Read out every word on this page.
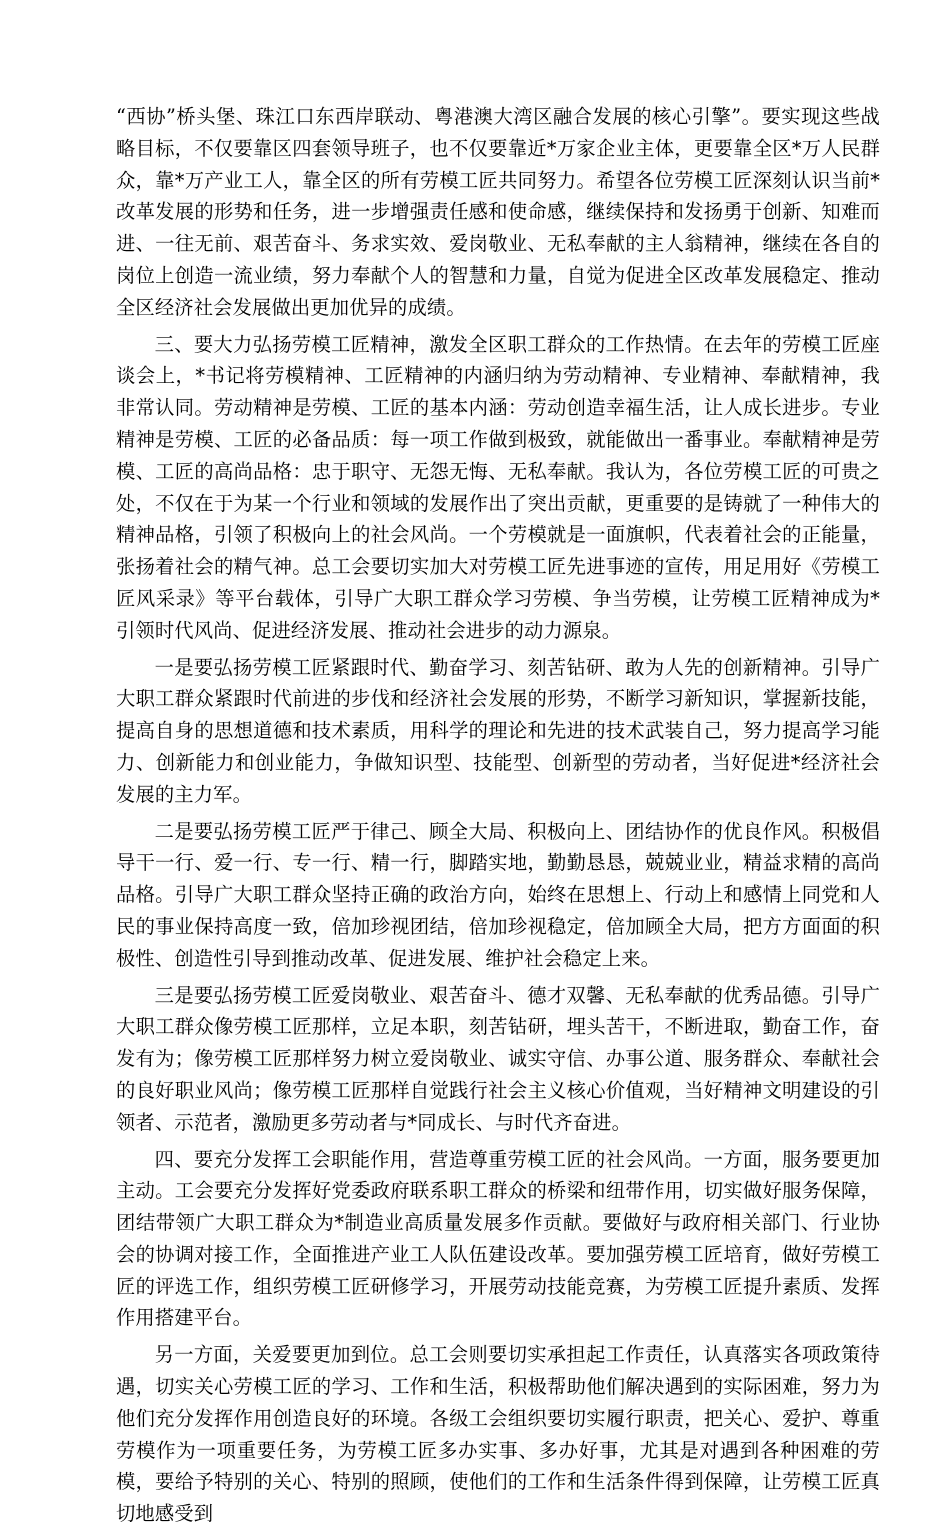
“西协”桥头堡、珠江口东西岸联动、粤港澳大湾区融合发展的核心引擎”。要实现这些战略目标，不仅要靠区四套领导班子，也不仅要靠近*万家企业主体，更要靠全区*万人民群众，靠*万产业工人，靠全区的所有劳模工匠共同努力。希望各位劳模工匠深刻认识当前*改革发展的形势和任务，进一步增强责任感和使命感，继续保持和发扬勇于创新、知难而进、一往无前、艰苦奋斗、务求实效、爱岗敬业、无私奉献的主人翁精神，继续在各自的岗位上创造一流业绩，努力奉献个人的智慧和力量，自觉为促进全区改革发展稳定、推动全区经济社会发展做出更加优异的成绩。

三、要大力弘扬劳模工匠精神，激发全区职工群众的工作热情。在去年的劳模工匠座谈会上，*书记将劳模精神、工匠精神的内涵归纳为劳动精神、专业精神、奉献精神，我非常认同。劳动精神是劳模、工匠的基本内涵：劳动创造幸福生活，让人成长进步。专业精神是劳模、工匠的必备品质：每一项工作做到极致，就能做出一番事业。奉献精神是劳模、工匠的高尚品格：忠于职守、无怨无悔、无私奉献。我认为，各位劳模工匠的可贵之处，不仅在于为某一个行业和领域的发展作出了突出贡献，更重要的是铸就了一种伟大的精神品格，引领了积极向上的社会风尚。一个劳模就是一面旗帜，代表着社会的正能量，张扬着社会的精气神。总工会要切实加大对劳模工匠先进事迹的宣传，用足用好《劳模工匠风采录》等平台载体，引导广大职工群众学习劳模、争当劳模，让劳模工匠精神成为*引领时代风尚、促进经济发展、推动社会进步的动力源泉。

一是要弘扬劳模工匠紧跟时代、勤奋学习、刻苦钻研、敢为人先的创新精神。引导广大职工群众紧跟时代前进的步伐和经济社会发展的形势，不断学习新知识，掌握新技能，提高自身的思想道德和技术素质，用科学的理论和先进的技术武装自己，努力提高学习能力、创新能力和创业能力，争做知识型、技能型、创新型的劳动者，当好促进*经济社会发展的主力军。

二是要弘扬劳模工匠严于律己、顾全大局、积极向上、团结协作的优良作风。积极倡导干一行、爱一行、专一行、精一行，脚踏实地，勤勤恳恳，兢兢业业，精益求精的高尚品格。引导广大职工群众坚持正确的政治方向，始终在思想上、行动上和感情上同党和人民的事业保持高度一致，倍加珍视团结，倍加珍视稳定，倍加顾全大局，把方方面面的积极性、创造性引导到推动改革、促进发展、维护社会稳定上来。

三是要弘扬劳模工匠爱岗敬业、艰苦奋斗、德才双馨、无私奉献的优秀品德。引导广大职工群众像劳模工匠那样，立足本职，刻苦钻研，埋头苦干，不断进取，勤奋工作，奋发有为；像劳模工匠那样努力树立爱岗敬业、诚实守信、办事公道、服务群众、奉献社会的良好职业风尚；像劳模工匠那样自觉践行社会主义核心价值观，当好精神文明建设的引领者、示范者，激励更多劳动者与*同成长、与时代齐奋进。

四、要充分发挥工会职能作用，营造尊重劳模工匠的社会风尚。一方面，服务要更加主动。工会要充分发挥好党委政府联系职工群众的桥梁和纽带作用，切实做好服务保障，团结带领广大职工群众为*制造业高质量发展多作贡献。要做好与政府相关部门、行业协会的协调对接工作，全面推进产业工人队伍建设改革。要加强劳模工匠培育，做好劳模工匠的评选工作，组织劳模工匠研修学习，开展劳动技能竞赛，为劳模工匠提升素质、发挥作用搭建平台。

另一方面，关爱要更加到位。总工会则要切实承担起工作责任，认真落实各项政策待遇，切实关心劳模工匠的学习、工作和生活，积极帮助他们解决遇到的实际困难，努力为他们充分发挥作用创造良好的环境。各级工会组织要切实履行职责，把关心、爱护、尊重劳模作为一项重要任务，为劳模工匠多办实事、多办好事，尤其是对遇到各种困难的劳模，要给予特别的关心、特别的照顾，使他们的工作和生活条件得到保障，让劳模工匠真切地感受到
